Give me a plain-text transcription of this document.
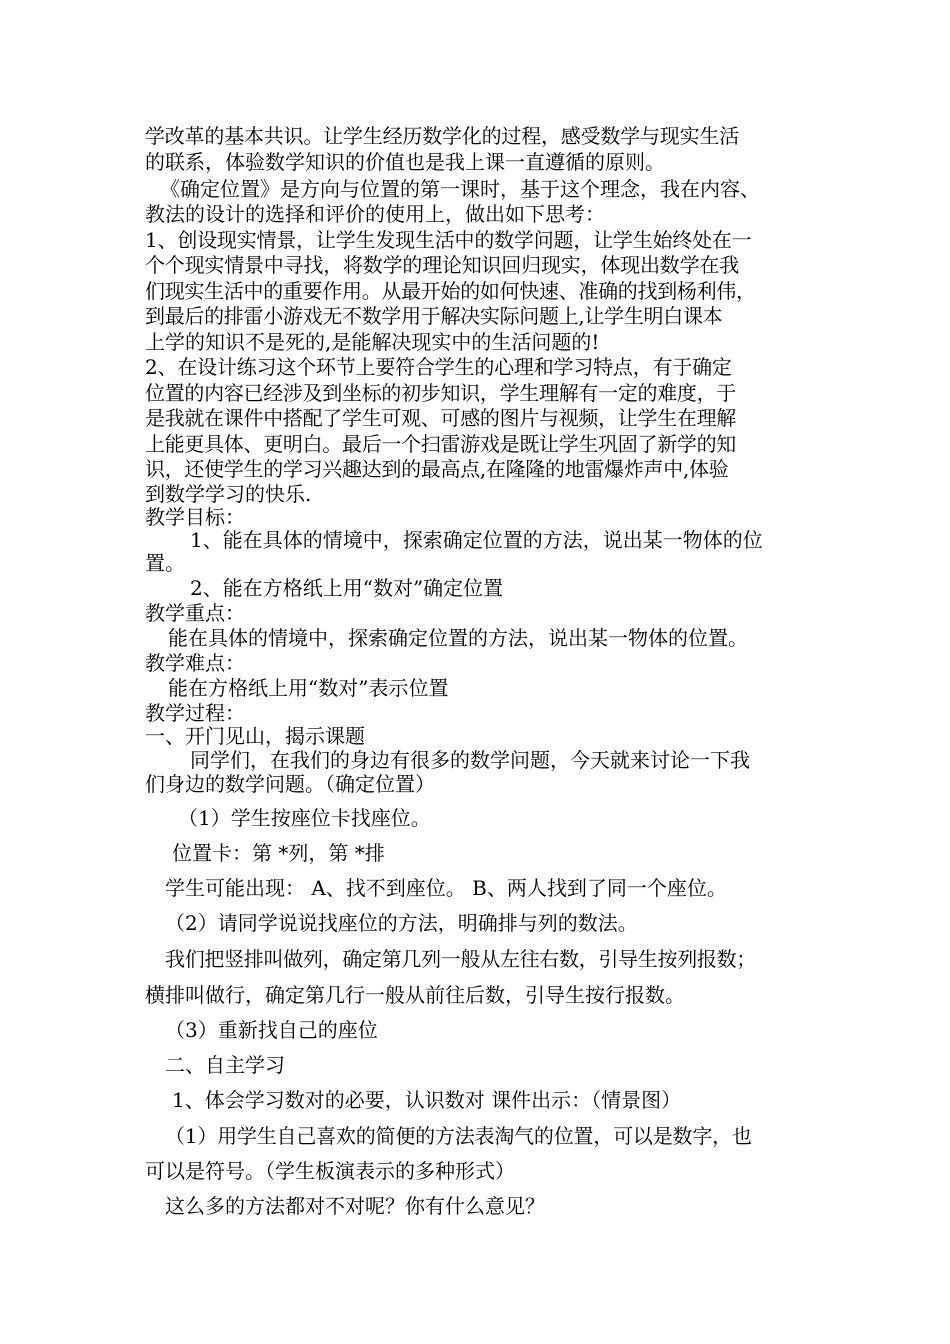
学改革的基本共识。让学生经历数学化的过程，感受数学与现实生活

的联系，体验数学知识的价值也是我上课一直遵循的原则。

《确定位置》是方向与位置的第一课时，基于这个理念，我在内容、

教法的设计的选择和评价的使用上，做出如下思考：

1、创设现实情景，让学生发现生活中的数学问题，让学生始终处在一

个个现实情景中寻找，将数学的理论知识回归现实，体现出数学在我

们现实生活中的重要作用。从最开始的如何快速、准确的找到杨利伟，

到最后的排雷小游戏无不数学用于解决实际问题上,让学生明白课本

上学的知识不是死的,是能解决现实中的生活问题的!

2、在设计练习这个环节上要符合学生的心理和学习特点，有于确定

位置的内容已经涉及到坐标的初步知识，学生理解有一定的难度，于

是我就在课件中搭配了学生可观、可感的图片与视频，让学生在理解

上能更具体、更明白。最后一个扫雷游戏是既让学生巩固了新学的知

识，还使学生的学习兴趣达到的最高点,在隆隆的地雷爆炸声中,体验

到数学学习的快乐.

教学目标：

1、能在具体的情境中，探索确定位置的方法，说出某一物体的位

置。

2、能在方格纸上用“数对”确定位置

教学重点：

能在具体的情境中，探索确定位置的方法，说出某一物体的位置。

教学难点：

能在方格纸上用“数对”表示位置

教学过程：

一、开门见山，揭示课题

同学们，在我们的身边有很多的数学问题，今天就来讨论一下我

们身边的数学问题。（确定位置）

（1）学生按座位卡找座位。

位置卡：第 *列，第 *排

学生可能出现： A、找不到座位。 B、两人找到了同一个座位。

（2）请同学说说找座位的方法，明确排与列的数法。

我们把竖排叫做列，确定第几列一般从左往右数，引导生按列报数；

横排叫做行，确定第几行一般从前往后数，引导生按行报数。

（3）重新找自己的座位

二、自主学习

1、体会学习数对的必要，认识数对 课件出示：（情景图）

（1）用学生自己喜欢的简便的方法表淘气的位置，可以是数字，也

可以是符号。（学生板演表示的多种形式）

这么多的方法都对不对呢？你有什么意见？
